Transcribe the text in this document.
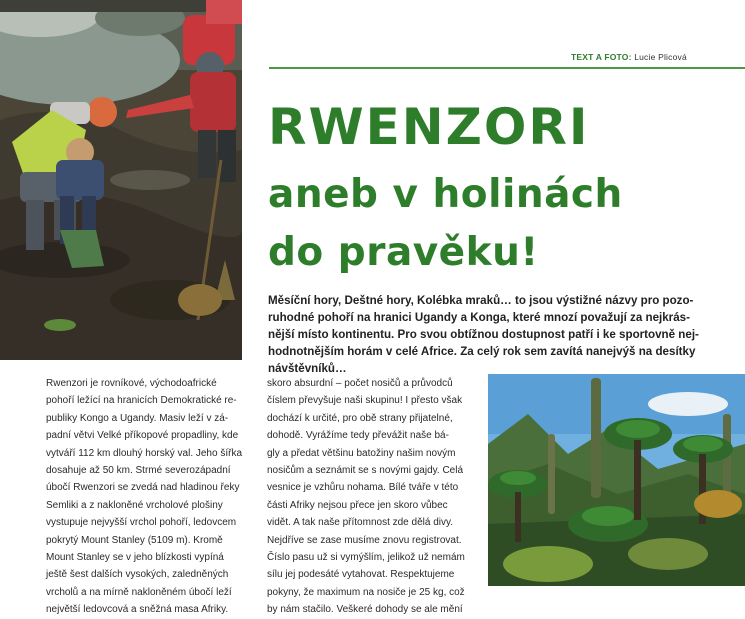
TEXT A FOTO: Lucie Plicová
RWENZORI
aneb v holinách
do pravěku!
Měsíční hory, Deštné hory, Kolébka mraků… to jsou výstižné názvy pro pozo-
ruhodné pohoří na hranici Ugandy a Konga, které mnozí považují za nejkrás-
nější místo kontinentu. Pro svou obtížnou dostupnost patří i ke sportovně nej-
hodnotnějším horám v celé Africe. Za celý rok sem zavítá nanejvýš na desítky
návštěvníků…
Rwenzori je rovníkové, východoafrické
pohoří ležící na hranicích Demokratické re-
publiky Kongo a Ugandy. Masiv leží v zá-
padní větvi Velké příkopové propadliny, kde
vytváří 112 km dlouhý horský val. Jeho šířka
dosahuje až 50 km. Strmé severozápadní
úbočí Rwenzori se zvedá nad hladinou řeky
Semliki a z nakloněné vrcholové plošiny
vystupuje nejvyšší vrchol pohoří, ledovcem
pokrytý Mount Stanley (5109 m). Kromě
Mount Stanley se v jeho blízkosti vypíná
ještě šest dalších vysokých, zaledněných
vrcholů a na mírně nakloněném úbočí leží
největší ledovcová a sněžná masa Afriky.
skoro absurdní – počet nosičů a průvodců
číslem převyšuje naši skupinu! I přesto však
dochází k určité, pro obě strany přijatelné,
dohodě. Vyrážíme tedy převážit naše bá-
gly a předat většinu batožiny našim novým
nosičům a seznámit se s novými gajdy. Celá
vesnice je vzhůru nohama. Bílé tváře v této
části Afriky nejsou přece jen skoro vůbec
vidět. A tak naše přítomnost zde dělá divy.
Nejdříve se zase musíme znovu registrovat.
Číslo pasu už si vymýšlím, jelikož už nemám
sílu jej podesáté vytahovat. Respektujeme
pokyny, že maximum na nosiče je 25 kg, což
by nám stačilo. Veškeré dohody se ale mění
